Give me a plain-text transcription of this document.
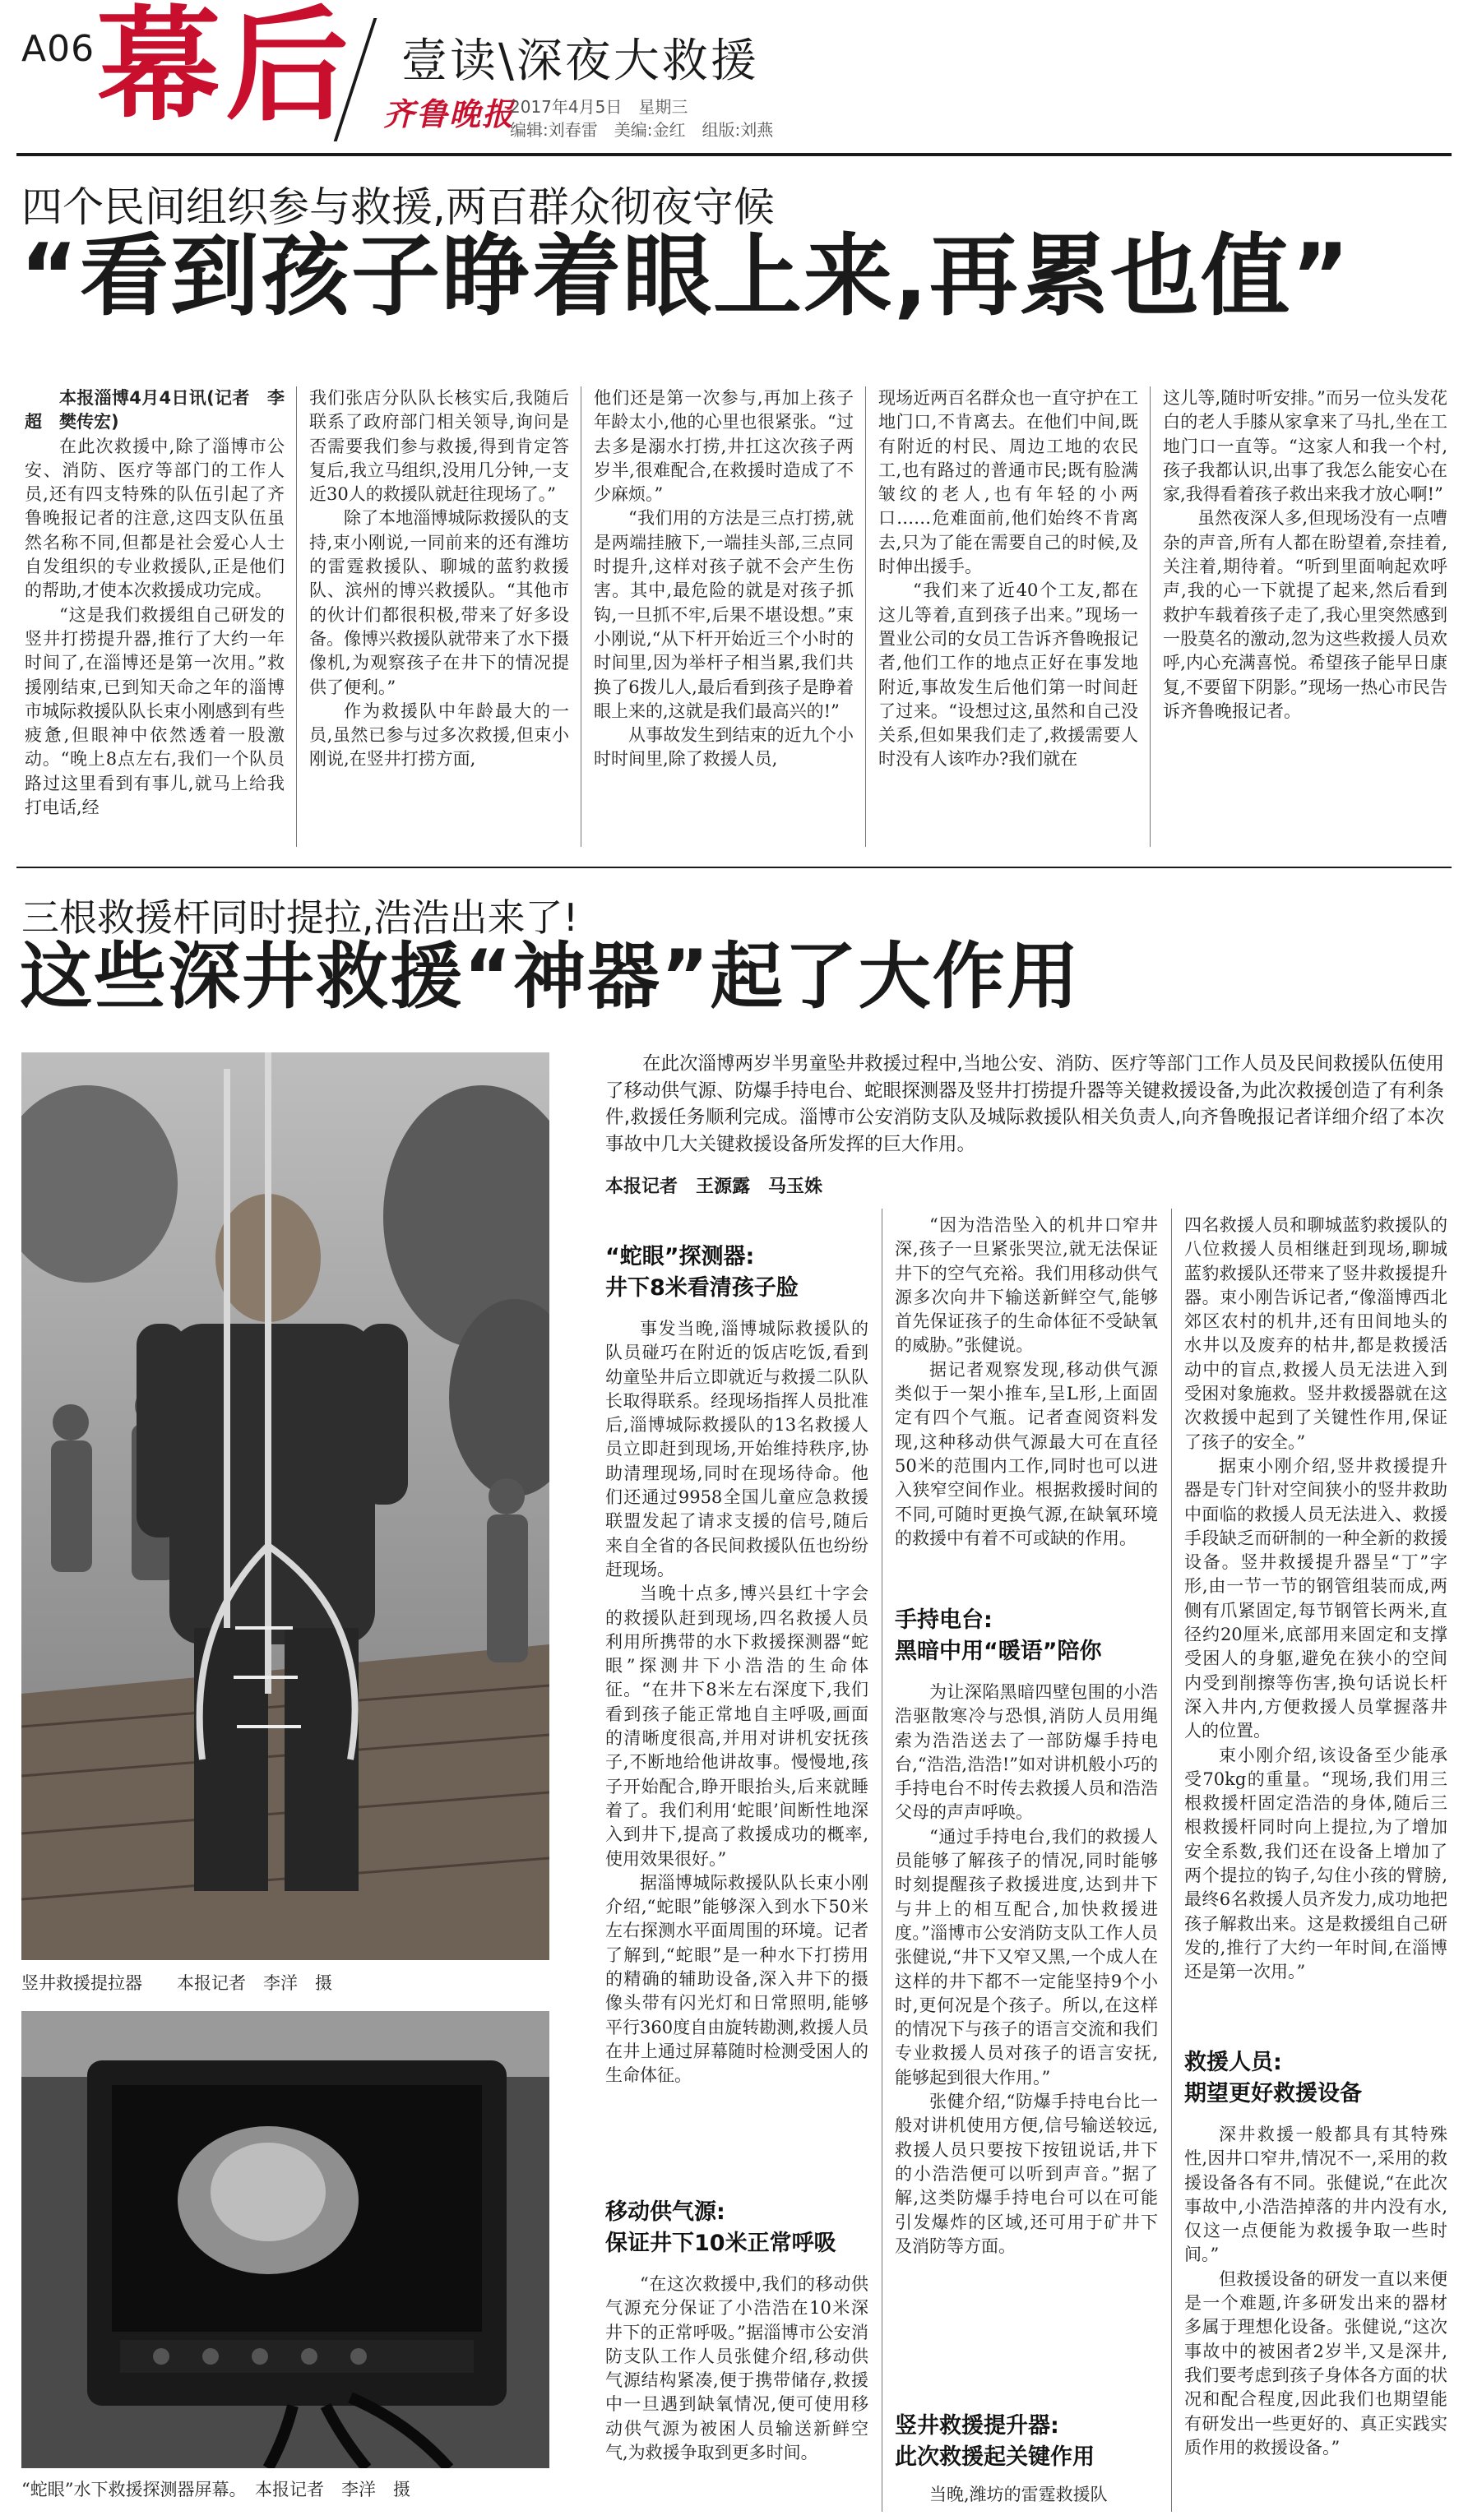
A06 幕后 壹读\深夜大救援
齐鲁晚报
2017年4月5日　星期三
编辑:刘春雷　美编:金红　组版:刘燕
四个民间组织参与救援,两百群众彻夜守候
“看到孩子睁着眼上来,再累也值”

本报淄博4月4日讯(记者　李超　樊传宏)

在此次救援中,除了淄博市公安、消防、医疗等部门的工作人员,还有四支特殊的队伍引起了齐鲁晚报记者的注意,这四支队伍虽然名称不同,但都是社会爱心人士自发组织的专业救援队,正是他们的帮助,才使本次救援成功完成。

“这是我们救援组自己研发的竖井打捞提升器,推行了大约一年时间了,在淄博还是第一次用。”救援刚结束,已到知天命之年的淄博市城际救援队队长束小刚感到有些疲惫,但眼神中依然透着一股激动。“晚上8点左右,我们一个队员路过这里看到有事儿,就马上给我打电话,经

我们张店分队队长核实后,我随后联系了政府部门相关领导,询问是否需要我们参与救援,得到肯定答复后,我立马组织,没用几分钟,一支近30人的救援队就赶往现场了。”

除了本地淄博城际救援队的支持,束小刚说,一同前来的还有潍坊的雷霆救援队、聊城的蓝豹救援队、滨州的博兴救援队。“其他市的伙计们都很积极,带来了好多设备。像博兴救援队就带来了水下摄像机,为观察孩子在井下的情况提供了便利。”

作为救援队中年龄最大的一员,虽然已参与过多次救援,但束小刚说,在竖井打捞方面,

他们还是第一次参与,再加上孩子年龄太小,他的心里也很紧张。“过去多是溺水打捞,井扛这次孩子两岁半,很难配合,在救援时造成了不少麻烦。”

“我们用的方法是三点打捞,就是两端挂腋下,一端挂头部,三点同时提升,这样对孩子就不会产生伤害。其中,最危险的就是对孩子抓钩,一旦抓不牢,后果不堪设想。”束小刚说,“从下杆开始近三个小时的时间里,因为举杆子相当累,我们共换了6拨儿人,最后看到孩子是睁着眼上来的,这就是我们最高兴的!”

从事故发生到结束的近九个小时时间里,除了救援人员,

现场近两百名群众也一直守护在工地门口,不肯离去。在他们中间,既有附近的村民、周边工地的农民工,也有路过的普通市民;既有脸满皱纹的老人,也有年轻的小两口……危难面前,他们始终不肯离去,只为了能在需要自己的时候,及时伸出援手。

“我们来了近40个工友,都在这儿等着,直到孩子出来。”现场一置业公司的女员工告诉齐鲁晚报记者,他们工作的地点正好在事发地附近,事故发生后他们第一时间赶了过来。“设想过这,虽然和自己没关系,但如果我们走了,救援需要人时没有人该咋办?我们就在

这儿等,随时听安排。”而另一位头发花白的老人手膝从家拿来了马扎,坐在工地门口一直等。“这家人和我一个村,孩子我都认识,出事了我怎么能安心在家,我得看着孩子救出来我才放心啊!”

虽然夜深人多,但现场没有一点嘈杂的声音,所有人都在盼望着,奈挂着,关注着,期待着。“听到里面响起欢呼声,我的心一下就提了起来,然后看到救护车载着孩子走了,我心里突然感到一股莫名的激动,忽为这些救援人员欢呼,内心充满喜悦。希望孩子能早日康复,不要留下阴影。”现场一热心市民告诉齐鲁晚报记者。

三根救援杆同时提拉,浩浩出来了!
这些深井救援“神器”起了大作用
竖井救援提拉器　　本报记者　李洋　摄
“蛇眼”水下救援探测器屏幕。　本报记者　李洋　摄

在此次淄博两岁半男童坠井救援过程中,当地公安、消防、医疗等部门工作人员及民间救援队伍使用了移动供气源、防爆手持电台、蛇眼探测器及竖井打捞提升器等关键救援设备,为此次救援创造了有利条件,救援任务顺利完成。淄博市公安消防支队及城际救援队相关负责人,向齐鲁晚报记者详细介绍了本次事故中几大关键救援设备所发挥的巨大作用。

本报记者　王源露　马玉姝
“蛇眼”探测器:
井下8米看清孩子脸

事发当晚,淄博城际救援队的队员碰巧在附近的饭店吃饭,看到幼童坠井后立即就近与救援二队队长取得联系。经现场指挥人员批准后,淄博城际救援队的13名救援人员立即赶到现场,开始维持秩序,协助清理现场,同时在现场待命。他们还通过9958全国儿童应急救援联盟发起了请求支援的信号,随后来自全省的各民间救援队伍也纷纷赶现场。

当晚十点多,博兴县红十字会的救援队赶到现场,四名救援人员利用所携带的水下救援探测器“蛇眼”探测井下小浩浩的生命体征。“在井下8米左右深度下,我们看到孩子能正常地自主呼吸,画面的清晰度很高,并用对讲机安抚孩子,不断地给他讲故事。慢慢地,孩子开始配合,睁开眼抬头,后来就睡着了。我们利用‘蛇眼’间断性地深入到井下,提高了救援成功的概率,使用效果很好。”

据淄博城际救援队队长束小刚介绍,“蛇眼”能够深入到水下50米左右探测水平面周围的环境。记者了解到,“蛇眼”是一种水下打捞用的精确的辅助设备,深入井下的摄像头带有闪光灯和日常照明,能够平行360度自由旋转勘测,救援人员在井上通过屏幕随时检测受困人的生命体征。

移动供气源:
保证井下10米正常呼吸

“在这次救援中,我们的移动供气源充分保证了小浩浩在10米深井下的正常呼吸。”据淄博市公安消防支队工作人员张健介绍,移动供气源结构紧凑,便于携带储存,救援中一旦遇到缺氧情况,便可使用移动供气源为被困人员输送新鲜空气,为救援争取到更多时间。

“因为浩浩坠入的机井口窄井深,孩子一旦紧张哭泣,就无法保证井下的空气充裕。我们用移动供气源多次向井下输送新鲜空气,能够首先保证孩子的生命体征不受缺氧的威胁。”张健说。

据记者观察发现,移动供气源类似于一架小推车,呈L形,上面固定有四个气瓶。记者查阅资料发现,这种移动供气源最大可在直径50米的范围内工作,同时也可以进入狭窄空间作业。根据救援时间的不同,可随时更换气源,在缺氧环境的救援中有着不可或缺的作用。

手持电台:
黑暗中用“暖语”陪你

为让深陷黑暗四壁包围的小浩浩驱散寒冷与恐惧,消防人员用绳索为浩浩送去了一部防爆手持电台,“浩浩,浩浩!”如对讲机般小巧的手持电台不时传去救援人员和浩浩父母的声声呼唤。

“通过手持电台,我们的救援人员能够了解孩子的情况,同时能够时刻提醒孩子救援进度,达到井下与井上的相互配合,加快救援进度。”淄博市公安消防支队工作人员张健说,“井下又窄又黑,一个成人在这样的井下都不一定能坚持9个小时,更何况是个孩子。所以,在这样的情况下与孩子的语言交流和我们专业救援人员对孩子的语言安抚,能够起到很大作用。”

张健介绍,“防爆手持电台比一般对讲机使用方便,信号输送较远,救援人员只要按下按钮说话,井下的小浩浩便可以听到声音。”据了解,这类防爆手持电台可以在可能引发爆炸的区域,还可用于矿井下及消防等方面。

竖井救援提升器:
此次救援起关键作用

当晚,潍坊的雷霆救援队

四名救援人员和聊城蓝豹救援队的八位救援人员相继赶到现场,聊城蓝豹救援队还带来了竖井救援提升器。束小刚告诉记者,“像淄博西北郊区农村的机井,还有田间地头的水井以及废弃的枯井,都是救援活动中的盲点,救援人员无法进入到受困对象施救。竖井救援器就在这次救援中起到了关键性作用,保证了孩子的安全。”

据束小刚介绍,竖井救援提升器是专门针对空间狭小的竖井救助中面临的救援人员无法进入、救援手段缺乏而研制的一种全新的救援设备。竖井救援提升器呈“丁”字形,由一节一节的钢管组装而成,两侧有爪紧固定,每节钢管长两米,直径约20厘米,底部用来固定和支撑受困人的身躯,避免在狭小的空间内受到削擦等伤害,换句话说长杆深入井内,方便救援人员掌握落井人的位置。

束小刚介绍,该设备至少能承受70kg的重量。“现场,我们用三根救援杆固定浩浩的身体,随后三根救援杆同时向上提拉,为了增加安全系数,我们还在设备上增加了两个提拉的钩子,勾住小孩的臂膀,最终6名救援人员齐发力,成功地把孩子解救出来。这是救援组自己研发的,推行了大约一年时间,在淄博还是第一次用。”

救援人员:
期望更好救援设备

深井救援一般都具有其特殊性,因井口窄井,情况不一,采用的救援设备各有不同。张健说,“在此次事故中,小浩浩掉落的井内没有水,仅这一点便能为救援争取一些时间。”

但救援设备的研发一直以来便是一个难题,许多研发出来的器材多属于理想化设备。张健说,“这次事故中的被困者2岁半,又是深井,我们要考虑到孩子身体各方面的状况和配合程度,因此我们也期望能有研发出一些更好的、真正实践实质作用的救援设备。”
